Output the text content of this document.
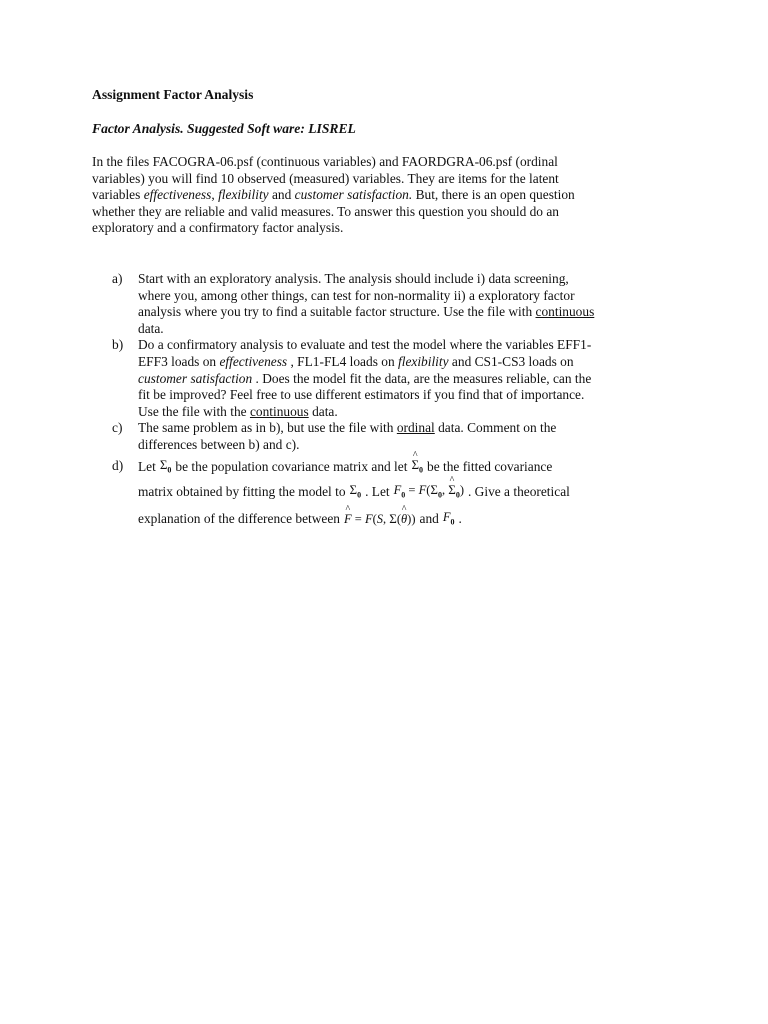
Assignment Factor Analysis
Factor Analysis. Suggested Soft ware: LISREL
In the files FACOGRA-06.psf (continuous variables) and FAORDGRA-06.psf (ordinal
variables) you will find 10 observed (measured) variables. They are items for the latent
variables effectiveness, flexibility and customer satisfaction. But, there is an open question
whether they are reliable and valid measures. To answer this question you should do an
exploratory and a confirmatory factor analysis.
a) Start with an exploratory analysis. The analysis should include i) data screening,
where you, among other things, can test for non-normality ii) a exploratory factor
analysis where you try to find a suitable factor structure. Use the file with continuous
data.
b) Do a confirmatory analysis to evaluate and test the model where the variables EFF1-
EFF3 loads on effectiveness , FL1-FL4 loads on flexibility and CS1-CS3 loads on
customer satisfaction . Does the model fit the data, are the measures reliable, can the
fit be improved? Feel free to use different estimators if you find that of importance.
Use the file with the continuous data.
c) The same problem as in b), but use the file with ordinal data. Comment on the
differences between b) and c).
d) Let $\Sigma_0$ be the population covariance matrix and let ^ $\Sigma_0$ be the fitted covariance
matrix obtained by fitting the model to $\Sigma_0$ . Let $F_0 = F(\Sigma_0$, ^ $\Sigma_0$) . Give a theoretical
explanation of the difference between ^ F = F(S, Σ(^ θ)) and $F_0$ .
